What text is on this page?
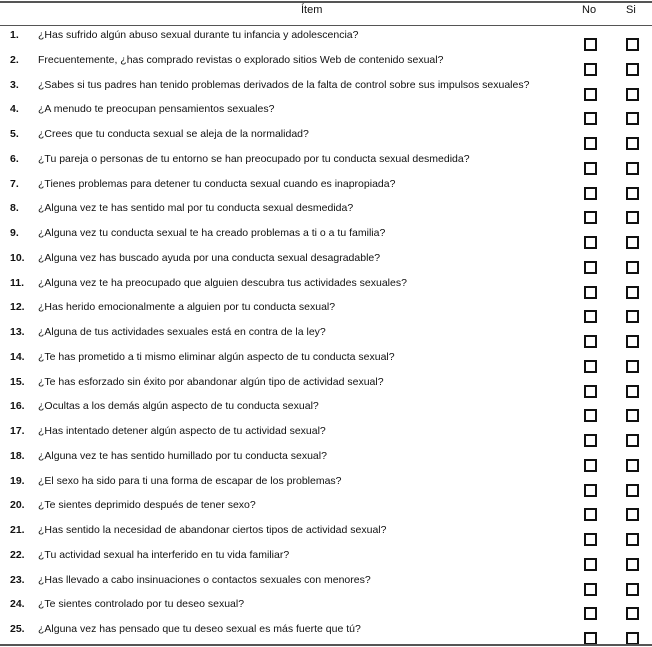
Ítem	No	Si
1. ¿Has sufrido algún abuso sexual durante tu infancia y adolescencia?
2. Frecuentemente, ¿has comprado revistas o explorado sitios Web de contenido sexual?
3. ¿Sabes si tus padres han tenido problemas derivados de la falta de control sobre sus impulsos sexuales?
4. ¿A menudo te preocupan pensamientos sexuales?
5. ¿Crees que tu conducta sexual se aleja de la normalidad?
6. ¿Tu pareja o personas de tu entorno se han preocupado por tu conducta sexual desmedida?
7. ¿Tienes problemas para detener tu conducta sexual cuando es inapropiada?
8. ¿Alguna vez te has sentido mal por tu conducta sexual desmedida?
9. ¿Alguna vez tu conducta sexual te ha creado problemas a ti o a tu familia?
10. ¿Alguna vez has buscado ayuda por una conducta sexual desagradable?
11. ¿Alguna vez te ha preocupado que alguien descubra tus actividades sexuales?
12. ¿Has herido emocionalmente a alguien por tu conducta sexual?
13. ¿Alguna de tus actividades sexuales está en contra de la ley?
14. ¿Te has prometido a ti mismo eliminar algún aspecto de tu conducta sexual?
15. ¿Te has esforzado sin éxito por abandonar algún tipo de actividad sexual?
16. ¿Ocultas a los demás algún aspecto de tu conducta sexual?
17. ¿Has intentado detener algún aspecto de tu actividad sexual?
18. ¿Alguna vez te has sentido humillado por tu conducta sexual?
19. ¿El sexo ha sido para ti una forma de escapar de los problemas?
20. ¿Te sientes deprimido después de tener sexo?
21. ¿Has sentido la necesidad de abandonar ciertos tipos de actividad sexual?
22. ¿Tu actividad sexual ha interferido en tu vida familiar?
23. ¿Has llevado a cabo insinuaciones o contactos sexuales con menores?
24. ¿Te sientes controlado por tu deseo sexual?
25. ¿Alguna vez has pensado que tu deseo sexual es más fuerte que tú?
